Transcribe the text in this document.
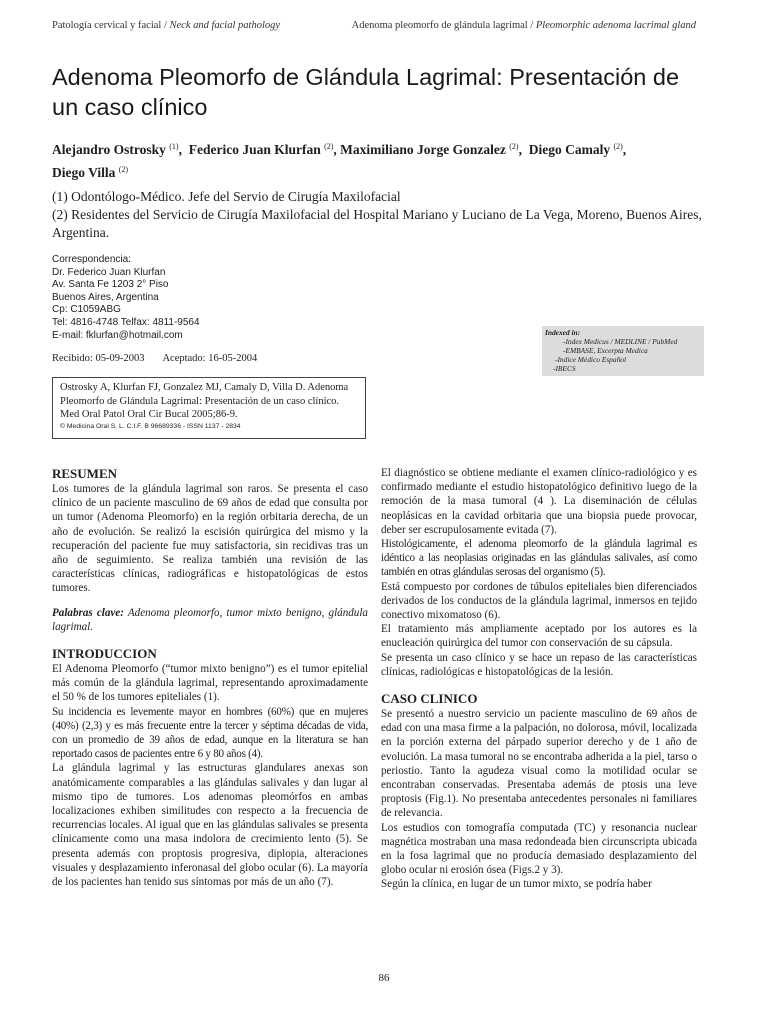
Patología cervical y facial / Neck and facial pathology	Adenoma pleomorfo de glándula lagrimal / Pleomorphic adenoma lacrimal gland
Adenoma Pleomorfo de Glándula Lagrimal: Presentación de un caso clínico
Alejandro Ostrosky $^{(1)}$,  Federico Juan Klurfan $^{(2)}$, Maximiliano Jorge Gonzalez $^{(2)}$,  Diego Camaly $^{(2)}$,
Diego Villa $^{(2)}$
(1) Odontólogo-Médico. Jefe del Servio de Cirugía Maxilofacial
(2) Residentes del Servicio de Cirugía Maxilofacial del Hospital Mariano y Luciano de La Vega, Moreno, Buenos Aires, Argentina.
Correspondencia:
Dr. Federico Juan Klurfan
Av. Santa Fe 1203 2° Piso
Buenos Aires, Argentina
Cp: C1059ABG
Tel: 4816-4748 Telfax: 4811-9564
E-mail: fklurfan@hotmail.com
Recibido: 05-09-2003 Aceptado: 16-05-2004
Indexed in:
-Index Medicus / MEDLINE / PubMed
-EMBASE, Excerpta Medica
-Indice Médico Español
-IBECS
Ostrosky A, Klurfan FJ, Gonzalez MJ, Camaly D, Villa D. Adenoma
Pleomorfo de Glándula Lagrimal: Presentación de un caso clínico.
Med Oral Patol Oral Cir Bucal 2005;86-9.
© Medicina Oral S. L. C.I.F. B 96689336 - ISSN 1137 - 2834
RESUMEN

Los tumores de la glándula lagrimal son raros. Se presenta el caso clínico de un paciente masculino de 69 años de edad que consulta por un tumor (Adenoma Pleomorfo) en la región orbitaria derecha, de un año de evolución. Se realizó la escisión quirúrgica del mismo y la recuperación del paciente fue muy satisfactoria, sin recidivas tras un año de seguimiento. Se realiza también una revisión de las características clínicas, radiográficas e histopatológicas de estos tumores.

Palabras clave: Adenoma pleomorfo, tumor mixto benigno, glándula lagrimal.

INTRODUCCION

El Adenoma Pleomorfo (“tumor mixto benigno”) es el tumor epitelial más común de la glándula lagrimal, representando aproximadamente el 50 % de los tumores epiteliales (1).

Su incidencia es levemente mayor en hombres (60%) que en mujeres (40%) (2,3) y es más frecuente entre la tercer y séptima décadas de vida, con un promedio de 39 años de edad, aunque en la literatura se han reportado casos de pacientes entre 6 y 80 años (4).

La glándula lagrimal y las estructuras glandulares anexas son anatómicamente comparables a las glándulas salivales y dan lugar al mismo tipo de tumores. Los adenomas pleomórfos en ambas localizaciones exhiben similitudes con respecto a la frecuencia de recurrencias locales. Al igual que en las glándulas salivales se presenta clínicamente como una masa indolora de crecimiento lento (5). Se presenta además con proptosis progresiva, diplopia, alteraciones visuales y desplazamiento inferonasal del globo ocular (6). La mayoría de los pacientes han tenido sus síntomas por más de un año (7).

El diagnóstico se obtiene mediante el examen clínico-radiológico y es confirmado mediante el estudio histopatológico definitivo luego de la remoción de la masa tumoral (4 ). La diseminación de células neoplásicas en la cavidad orbitaria que una biopsia puede provocar, deber ser escrupulosamente evitada (7).

Histológicamente, el adenoma pleomorfo de la glándula lagrimal es idéntico a las neoplasias originadas en las glándulas salivales, así como también en otras glándulas serosas del organismo (5).

Está compuesto por cordones de túbulos epiteliales bien diferenciados derivados de los conductos de la glándula lagrimal, inmersos en tejido conectivo mixomatoso (6).

El tratamiento más ampliamente aceptado por los autores es la enucleación quirúrgica del tumor con conservación de su cápsula.

Se presenta un caso clínico y se hace un repaso de las características clínicas, radiológicas e histopatológicas de la lesión.

CASO CLINICO

Se presentó a nuestro servicio un paciente masculino de 69 años de edad con una masa firme a la palpación, no dolorosa, móvil, localizada en la porción externa del párpado superior derecho y de 1 año de evolución. La masa tumoral no se encontraba adherida a la piel, tarso o periostio. Tanto la agudeza visual como la motilidad ocular se encontraban conservadas. Presentaba además de ptosis una leve proptosis (Fig.1). No presentaba antecedentes personales ni familiares de relevancia.

Los estudios con tomografía computada (TC) y resonancia nuclear magnética mostraban una masa redondeada bien circunscripta ubicada en la fosa lagrimal que no producía demasiado desplazamiento del globo ocular ni erosión ósea (Figs.2 y 3).

Según la clínica, en lugar de un tumor mixto, se podría haber

86
